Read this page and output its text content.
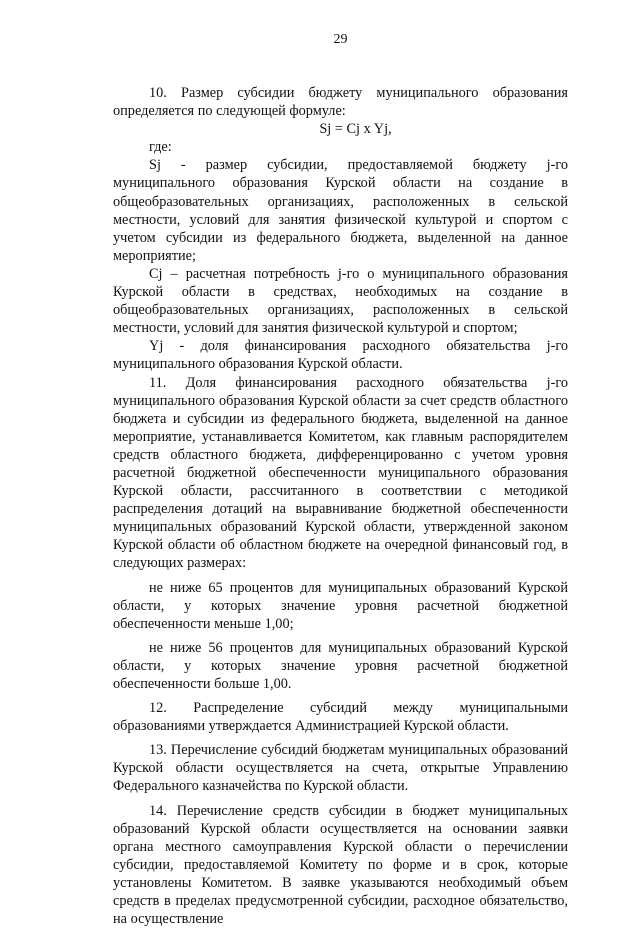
29

10. Размер субсидии бюджету муниципального образования определяется по следующей формуле:

Sj = Cj x Yj,

где:

Sj - размер субсидии, предоставляемой бюджету j-го муниципального образования Курской области на создание в общеобразовательных организациях, расположенных в сельской местности, условий для занятия физической культурой и спортом с учетом субсидии из федерального бюджета, выделенной на данное мероприятие;

Cj – расчетная потребность j-го о муниципального образования Курской области в средствах, необходимых на создание в общеобразовательных организациях, расположенных в сельской местности, условий для занятия физической культурой и спортом;

Yj - доля финансирования расходного обязательства j-го муниципального образования Курской области.

11. Доля финансирования расходного обязательства j-го муниципального образования Курской области за счет средств областного бюджета и субсидии из федерального бюджета, выделенной на данное мероприятие, устанавливается Комитетом, как главным распорядителем средств областного бюджета, дифференцированно с учетом уровня расчетной бюджетной обеспеченности муниципального образования Курской области, рассчитанного в соответствии с методикой распределения дотаций на выравнивание бюджетной обеспеченности муниципальных образований Курской области, утвержденной законом Курской области об областном бюджете на очередной финансовый год, в следующих размерах:

не ниже 65 процентов для муниципальных образований Курской области, у которых значение уровня расчетной бюджетной обеспеченности меньше 1,00;

не ниже 56 процентов для муниципальных образований Курской области, у которых значение уровня расчетной бюджетной обеспеченности больше 1,00.

12. Распределение субсидий между муниципальными образованиями утверждается Администрацией Курской области.

13. Перечисление субсидий бюджетам муниципальных образований Курской области осуществляется на счета, открытые Управлению Федерального казначейства по Курской области.

14. Перечисление средств субсидии в бюджет муниципальных образований Курской области осуществляется на основании заявки органа местного самоуправления Курской области о перечислении субсидии, предоставляемой Комитету по форме и в срок, которые установлены Комитетом. В заявке указываются необходимый объем средств в пределах предусмотренной субсидии, расходное обязательство, на осуществление
